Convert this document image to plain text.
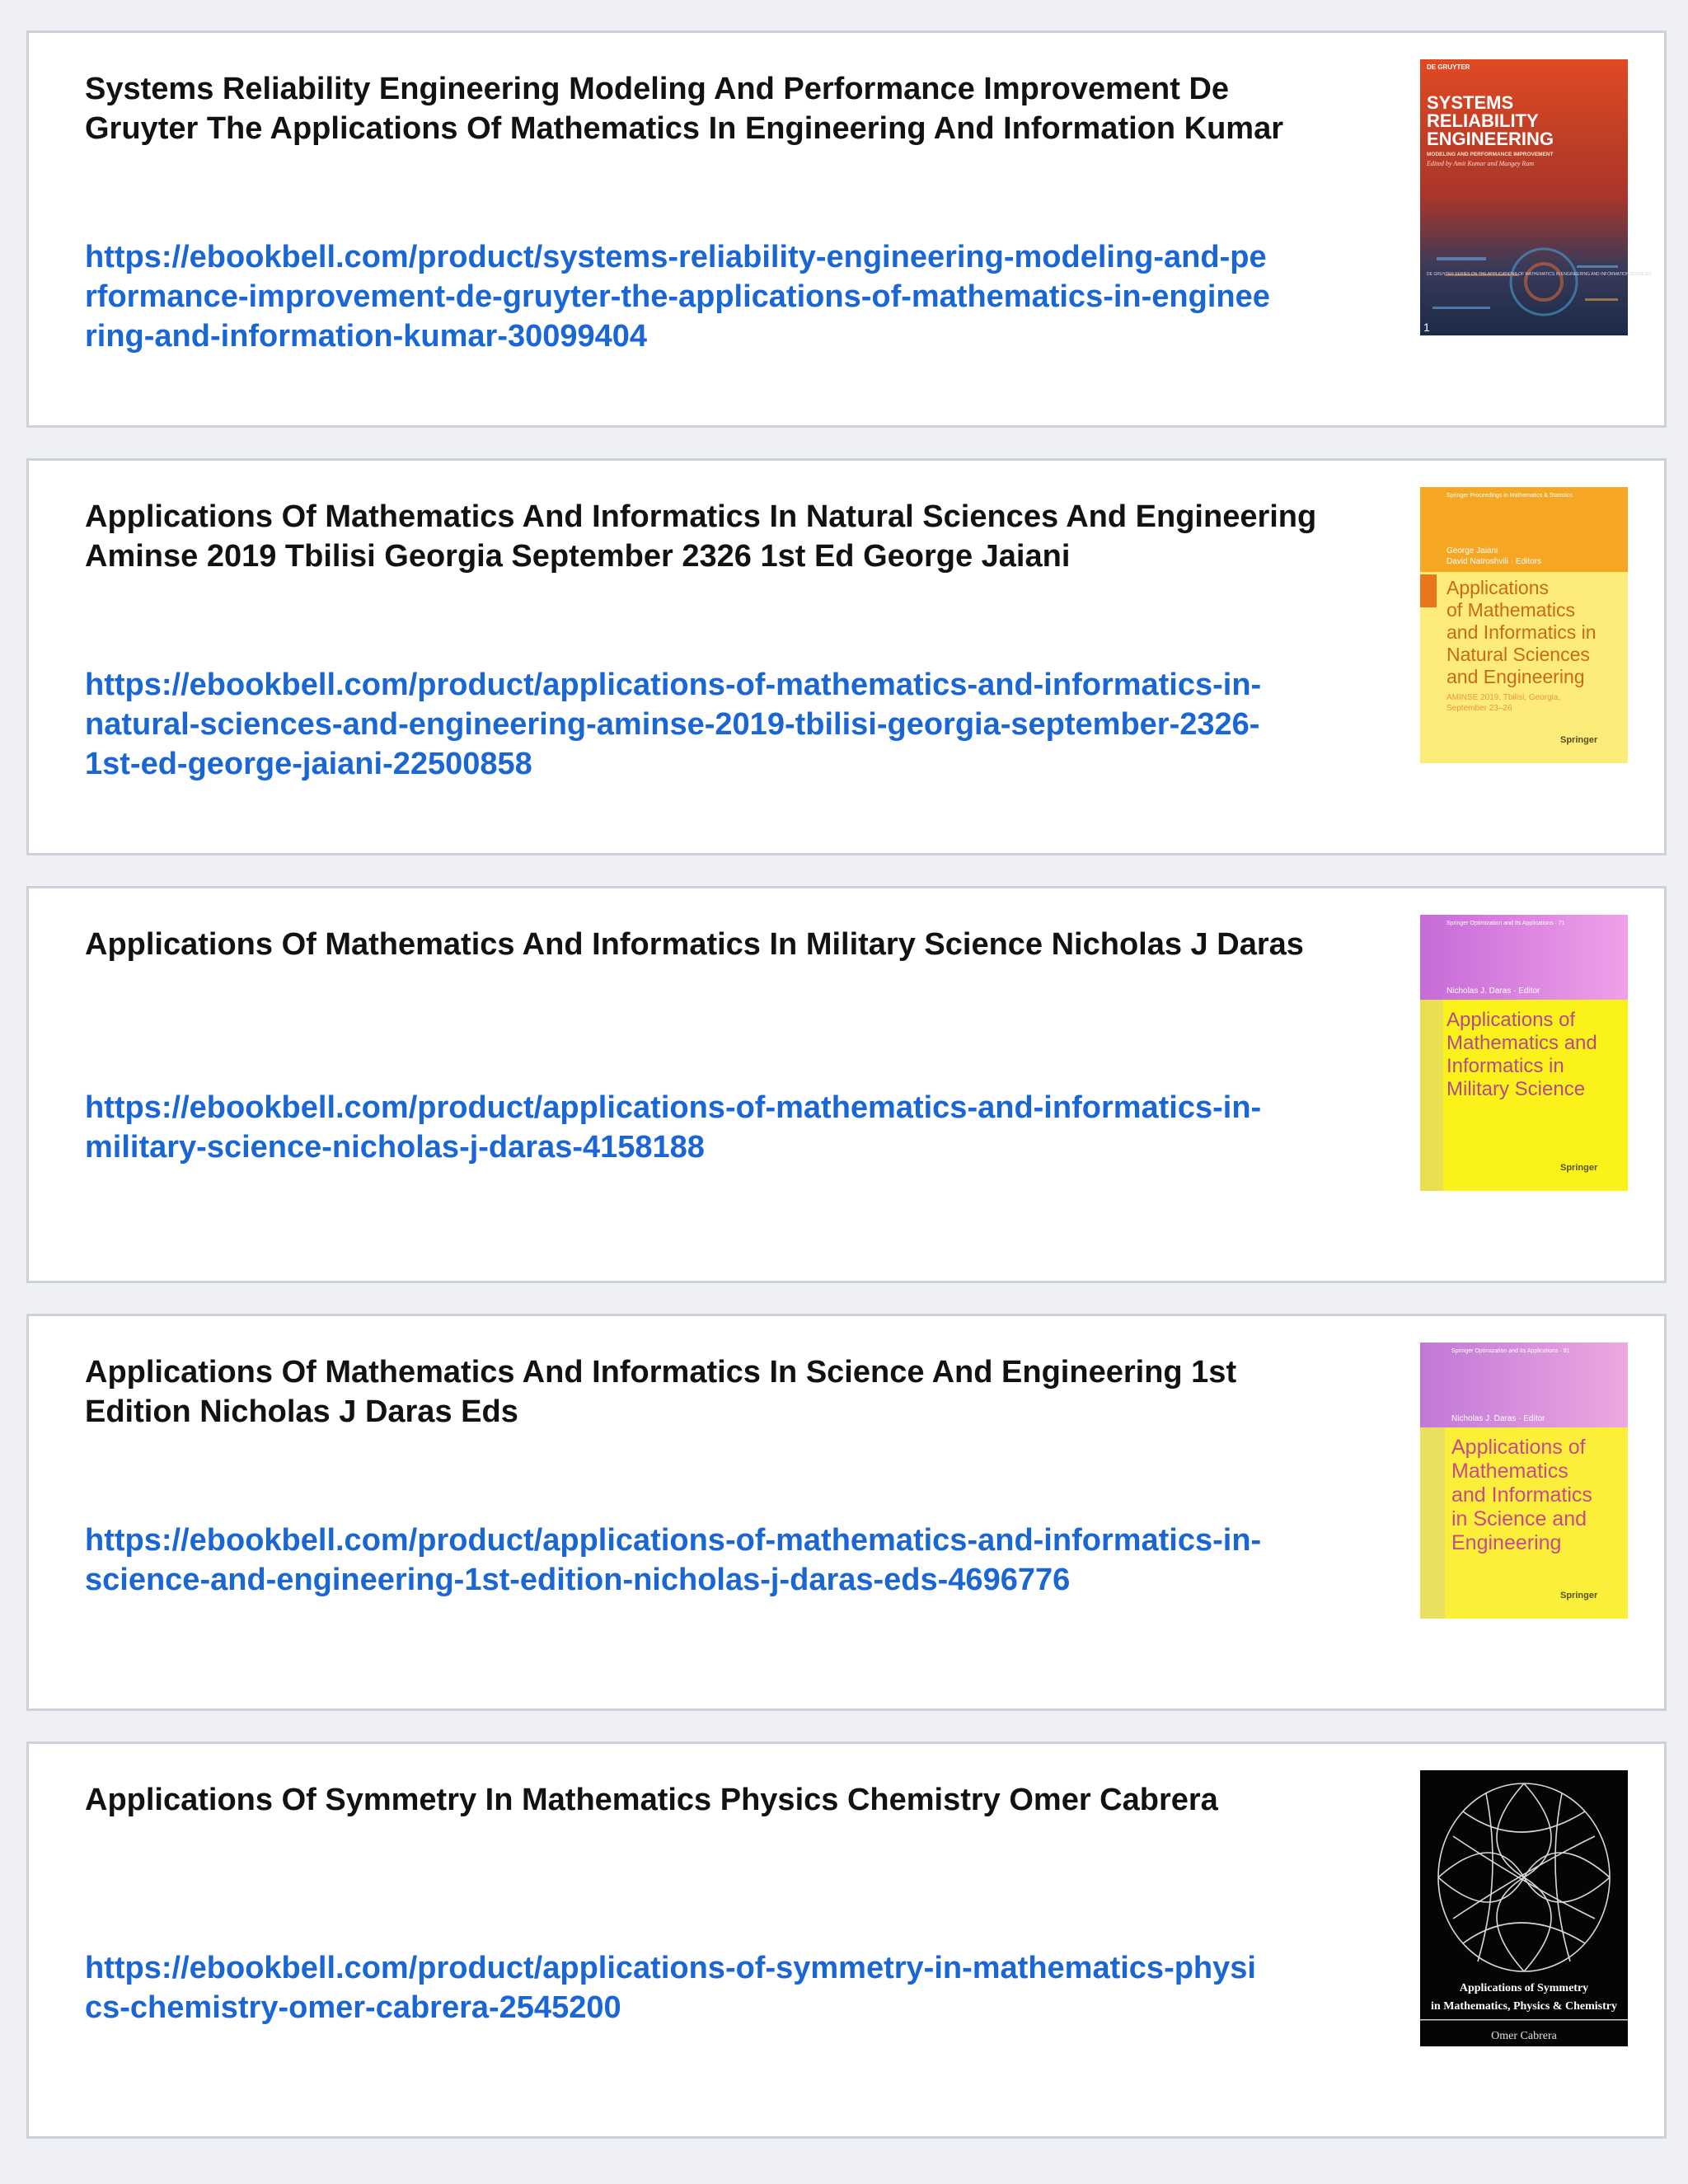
Systems Reliability Engineering Modeling And Performance Improvement De Gruyter The Applications Of Mathematics In Engineering And Information Kumar
https://ebookbell.com/product/systems-reliability-engineering-modeling-and-performance-improvement-de-gruyter-the-applications-of-mathematics-in-engineering-and-information-kumar-30099404
DE GRUYTER
SYSTEMS
RELIABILITY
ENGINEERING
MODELING AND PERFORMANCE IMPROVEMENT
Edited by Amit Kumar and Mangey Ram
DE GRUYTER SERIES ON THE APPLICATIONS OF MATHEMATICS IN ENGINEERING AND INFORMATION SCIENCES
1
Applications Of Mathematics And Informatics In Natural Sciences And Engineering Aminse 2019 Tbilisi Georgia September 2326 1st Ed George Jaiani
https://ebookbell.com/product/applications-of-mathematics-and-informatics-in-natural-sciences-and-engineering-aminse-2019-tbilisi-georgia-september-2326-1st-ed-george-jaiani-22500858
Springer Proceedings in Mathematics & Statistics
George Jaiani
David Natroshvili · Editors
Applications
of Mathematics
and Informatics in
Natural Sciences
and Engineering
AMINSE 2019, Tbilisi, Georgia,
September 23–26
Springer
Applications Of Mathematics And Informatics In Military Science Nicholas J Daras
https://ebookbell.com/product/applications-of-mathematics-and-informatics-in-military-science-nicholas-j-daras-4158188
Springer Optimization and Its Applications · 71
Nicholas J. Daras · Editor
Applications of
Mathematics and
Informatics in
Military Science
Springer
Applications Of Mathematics And Informatics In Science And Engineering 1st Edition Nicholas J Daras Eds
https://ebookbell.com/product/applications-of-mathematics-and-informatics-in-science-and-engineering-1st-edition-nicholas-j-daras-eds-4696776
Springer Optimization and Its Applications · 91
Nicholas J. Daras · Editor
Applications of
Mathematics
and Informatics
in Science and
Engineering
Springer
Applications Of Symmetry In Mathematics Physics Chemistry Omer Cabrera
https://ebookbell.com/product/applications-of-symmetry-in-mathematics-physics-chemistry-omer-cabrera-2545200
Applications of Symmetry
in Mathematics, Physics & Chemistry
Omer Cabrera
